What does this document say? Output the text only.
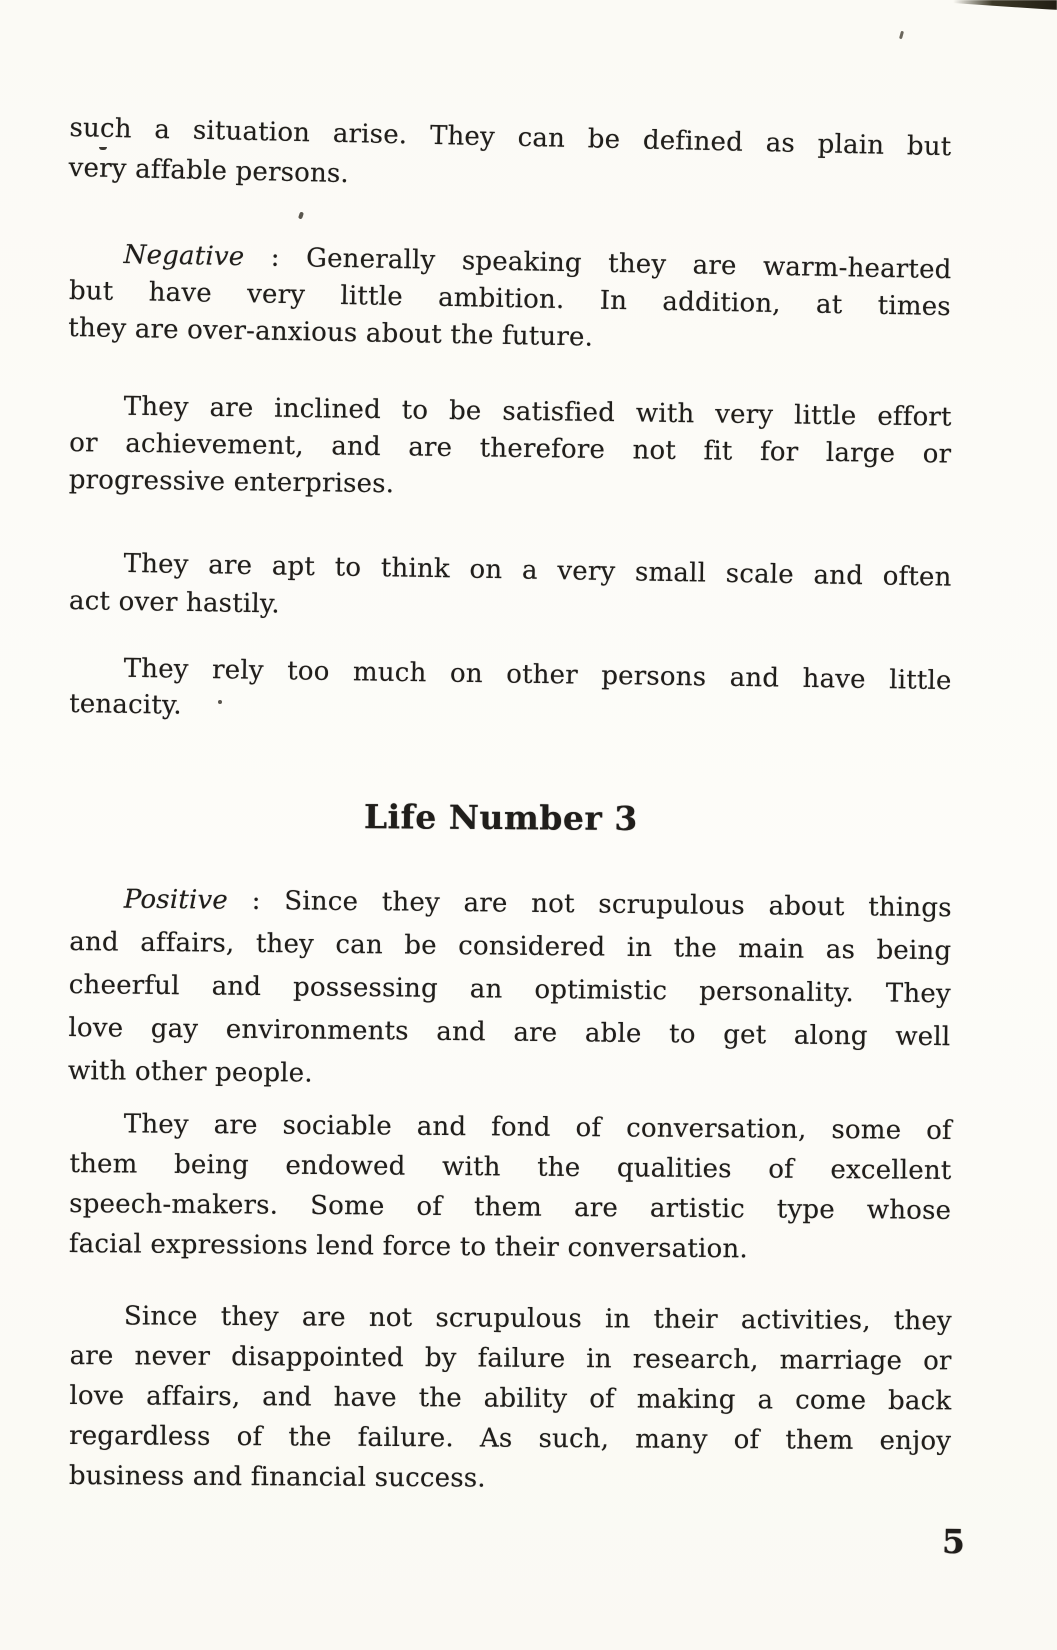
such a situation arise. They can be defined as plain but
very affable persons.
Negative : Generally speaking they are warm-hearted
but have very little ambition. In addition, at times
they are over-anxious about the future.
They are inclined to be satisfied with very little effort
or achievement, and are therefore not fit for large or
progressive enterprises.
They are apt to think on a very small scale and often
act over hastily.
They rely too much on other persons and have little
tenacity.
Life Number 3
Positive : Since they are not scrupulous about things
and affairs, they can be considered in the main as being
cheerful and possessing an optimistic personality. They
love gay environments and are able to get along well
with other people.
They are sociable and fond of conversation, some of
them being endowed with the qualities of excellent
speech-makers. Some of them are artistic type whose
facial expressions lend force to their conversation.
Since they are not scrupulous in their activities, they
are never disappointed by failure in research, marriage or
love affairs, and have the ability of making a come back
regardless of the failure. As such, many of them enjoy
business and financial success.
5
